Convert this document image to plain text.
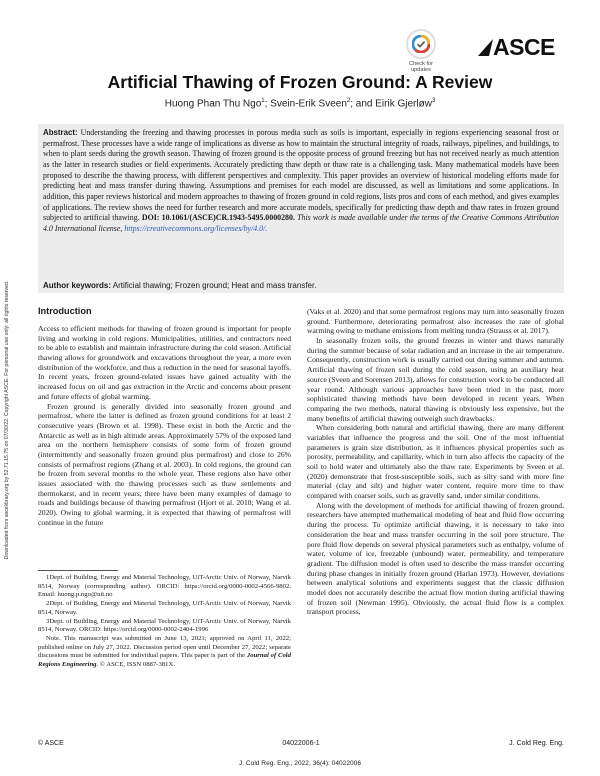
Downloaded from ascelibrary.org by 52.71.15.75 on 07/30/22. Copyright ASCE. For personal use only; all rights reserved.
Check for
updates
ASCE
Artificial Thawing of Frozen Ground: A Review
Huong Phan Thu Ngo$^1$; Svein-Erik Sveen$^2$; and Eirik Gjerløw$^3$
Abstract: Understanding the freezing and thawing processes in porous media such as soils is important, especially in regions experiencing seasonal frost or permafrost. These processes have a wide range of implications as diverse as how to maintain the structural integrity of roads, railways, pipelines, and buildings, to when to plant seeds during the growth season. Thawing of frozen ground is the opposite process of ground freezing but has not received nearly as much attention as the latter in research studies or field experiments. Accurately predicting thaw depth or thaw rate is a challenging task. Many mathematical models have been proposed to describe the thawing process, with different perspectives and complexity. This paper provides an overview of historical modeling efforts made for predicting heat and mass transfer during thawing. Assumptions and premises for each model are discussed, as well as limitations and some applications. In addition, this paper reviews historical and modern approaches to thawing of frozen ground in cold regions, lists pros and cons of each method, and gives examples of applications. The review shows the need for further research and more accurate models, specifically for predicting thaw depth and thaw rates in frozen ground subjected to artificial thawing. DOI: 10.1061/(ASCE)CR.1943-5495.0000280. This work is made available under the terms of the Creative Commons Attribution 4.0 International license, https://creativecommons.org/licenses/by/4.0/.
Author keywords: Artificial thawing; Frozen ground; Heat and mass transfer.
Introduction

Access to efficient methods for thawing of frozen ground is important for people living and working in cold regions. Municipalities, utilities, and contractors need to be able to establish and maintain infrastructure during the cold season. Artificial thawing allows for groundwork and excavations throughout the year, a more even distribution of the workforce, and thus a reduction in the need for seasonal layoffs. In recent years, frozen ground-related issues have gained actuality with the increased focus on oil and gas extraction in the Arctic and concerns about present and future effects of global warming.

Frozen ground is generally divided into seasonally frozen ground and permafrost, where the latter is defined as frozen ground conditions for at least 2 consecutive years (Brown et al. 1998). These exist in both the Arctic and the Antarctic as well as in high altitude areas. Approximately 57% of the exposed land area on the northern hemisphere consists of some form of frozen ground (intermittently and seasonally frozen ground plus permafrost) and close to 26% consists of permafrost regions (Zhang et al. 2003). In cold regions, the ground can be frozen from several months to the whole year. These regions also have other issues associated with the thawing processes such as thaw settlements and thermokarst, and in recent years, there have been many examples of damage to roads and buildings because of thawing permafrost (Hjort et al. 2018; Wang et al. 2020). Owing to global warming, it is expected that thawing of permafrost will continue in the future

1Dept. of Building, Energy and Material Technology, UiT-Arctic Univ. of Norway, Narvik 8514, Norway (corresponding author). ORCID: https://orcid.org/0000-0002-4566-9802. Email: huong.p.ngo@uit.no

2Dept. of Building, Energy and Material Technology, UiT-Arctic Univ. of Norway, Narvik 8514, Norway.

3Dept. of Building, Energy and Material Technology, UiT-Arctic Univ. of Norway, Narvik 8514, Norway. ORCID: https://orcid.org/0000-0002-2404-1996

Note. This manuscript was submitted on June 13, 2021; approved on April 11, 2022; published online on July 27, 2022. Discussion period open until December 27, 2022; separate discussions must be submitted for individual papers. This paper is part of the Journal of Cold Regions Engineering. © ASCE, ISSN 0887-381X.

(Vaks et al. 2020) and that some permafrost regions may turn into seasonally frozen ground. Furthermore, deteriorating permafrost also increases the rate of global warming owing to methane emissions from melting tundra (Strauss et al. 2017).

In seasonally frozen soils, the ground freezes in winter and thaws naturally during the summer because of solar radiation and an increase in the air temperature. Consequently, construction work is usually carried out during summer and autumn. Artificial thawing of frozen soil during the cold season, using an auxiliary heat source (Sveen and Sorensen 2013), allows for construction work to be conducted all year round. Although various approaches have been tried in the past, more sophisticated thawing methods have been developed in recent years. When comparing the two methods, natural thawing is obviously less expensive, but the many benefits of artificial thawing outweigh such drawbacks.

When considering both natural and artificial thawing, there are many different variables that influence the progress and the soil. One of the most influential parameters is grain size distribution, as it influences physical properties such as porosity, permeability, and capillarity, which in turn also affects the capacity of the soil to hold water and ultimately also the thaw rate. Experiments by Sveen et al. (2020) demonstrate that frost-susceptible soils, such as silty sand with more fine material (clay and silt) and higher water content, require more time to thaw compared with coarser soils, such as gravelly sand, under similar conditions.

Along with the development of methods for artificial thawing of frozen ground, researchers have attempted mathematical modeling of heat and fluid flow occurring during the process. To optimize artificial thawing, it is necessary to take into consideration the heat and mass transfer occurring in the soil pore structure. The pore fluid flow depends on several physical parameters such as enthalpy, volume of water, volume of ice, freezable (unbound) water, permeability, and temperature gradient. The diffusion model is often used to describe the mass transfer occurring during phase changes in initially frozen ground (Harlan 1973). However, deviations between analytical solutions and experiments suggest that the classic diffusion model does not accurately describe the actual flow motion during artificial thawing of frozen soil (Newman 1995). Obviously, the actual fluid flow is a complex transport process,

© ASCE	04022006-1	J. Cold Reg. Eng.
J. Cold Reg. Eng., 2022, 36(4): 04022006
